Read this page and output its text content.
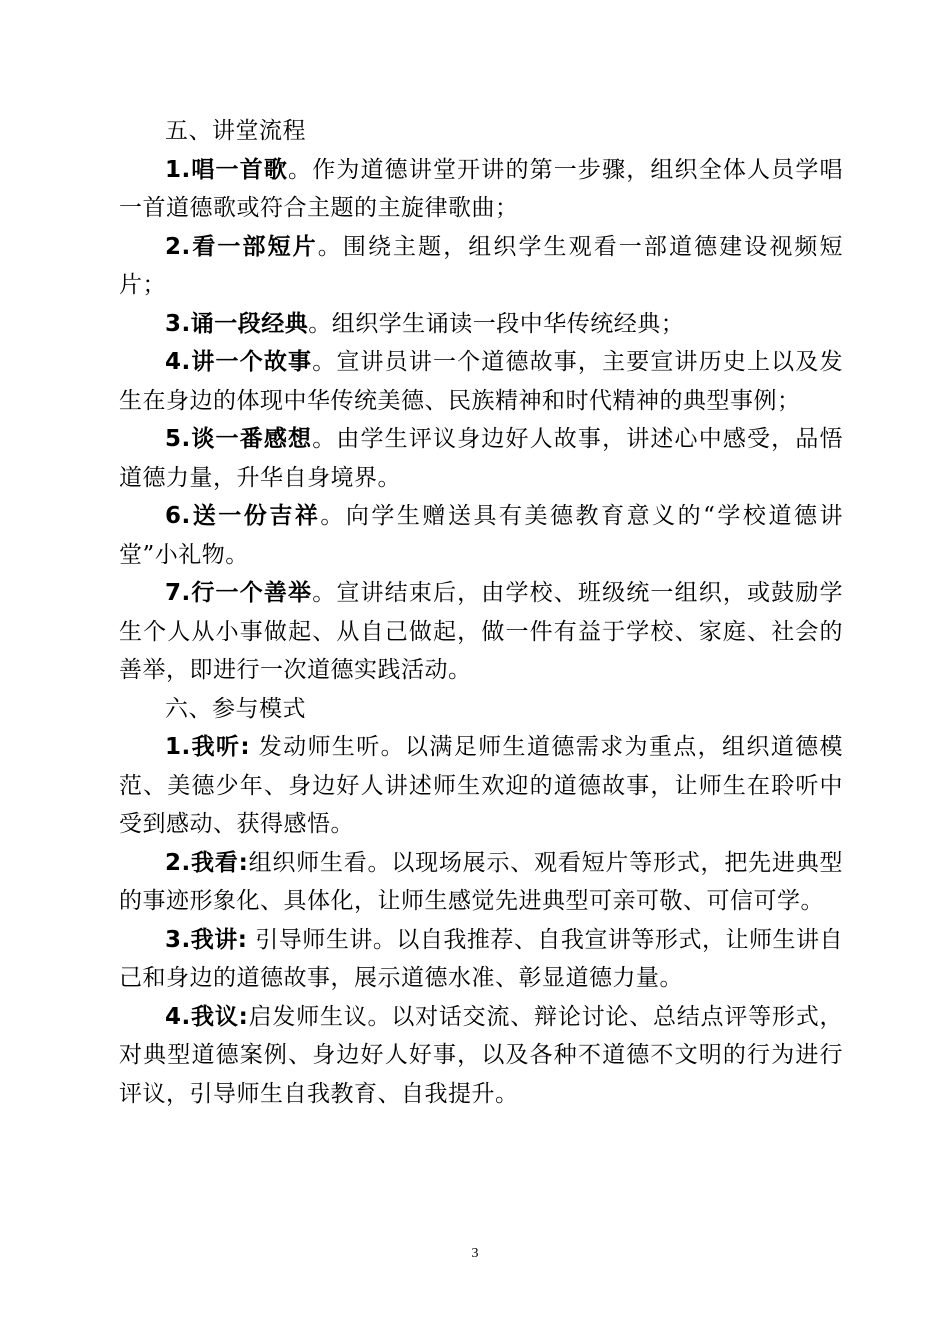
五、讲堂流程

1.唱一首歌。作为道德讲堂开讲的第一步骤，组织全体人员学唱一首道德歌或符合主题的主旋律歌曲；

2.看一部短片。围绕主题，组织学生观看一部道德建设视频短片；

3.诵一段经典。组织学生诵读一段中华传统经典；

4.讲一个故事。宣讲员讲一个道德故事，主要宣讲历史上以及发生在身边的体现中华传统美德、民族精神和时代精神的典型事例；

5.谈一番感想。由学生评议身边好人故事，讲述心中感受，品悟道德力量，升华自身境界。

6.送一份吉祥。向学生赠送具有美德教育意义的“学校道德讲堂”小礼物。

7.行一个善举。宣讲结束后，由学校、班级统一组织，或鼓励学生个人从小事做起、从自己做起，做一件有益于学校、家庭、社会的善举，即进行一次道德实践活动。

六、参与模式

1.我听: 发动师生听。以满足师生道德需求为重点，组织道德模范、美德少年、身边好人讲述师生欢迎的道德故事，让师生在聆听中受到感动、获得感悟。

2.我看:组织师生看。以现场展示、观看短片等形式，把先进典型的事迹形象化、具体化，让师生感觉先进典型可亲可敬、可信可学。

3.我讲: 引导师生讲。以自我推荐、自我宣讲等形式，让师生讲自己和身边的道德故事，展示道德水准、彰显道德力量。

4.我议:启发师生议。以对话交流、辩论讨论、总结点评等形式，对典型道德案例、身边好人好事，以及各种不道德不文明的行为进行评议，引导师生自我教育、自我提升。

3
